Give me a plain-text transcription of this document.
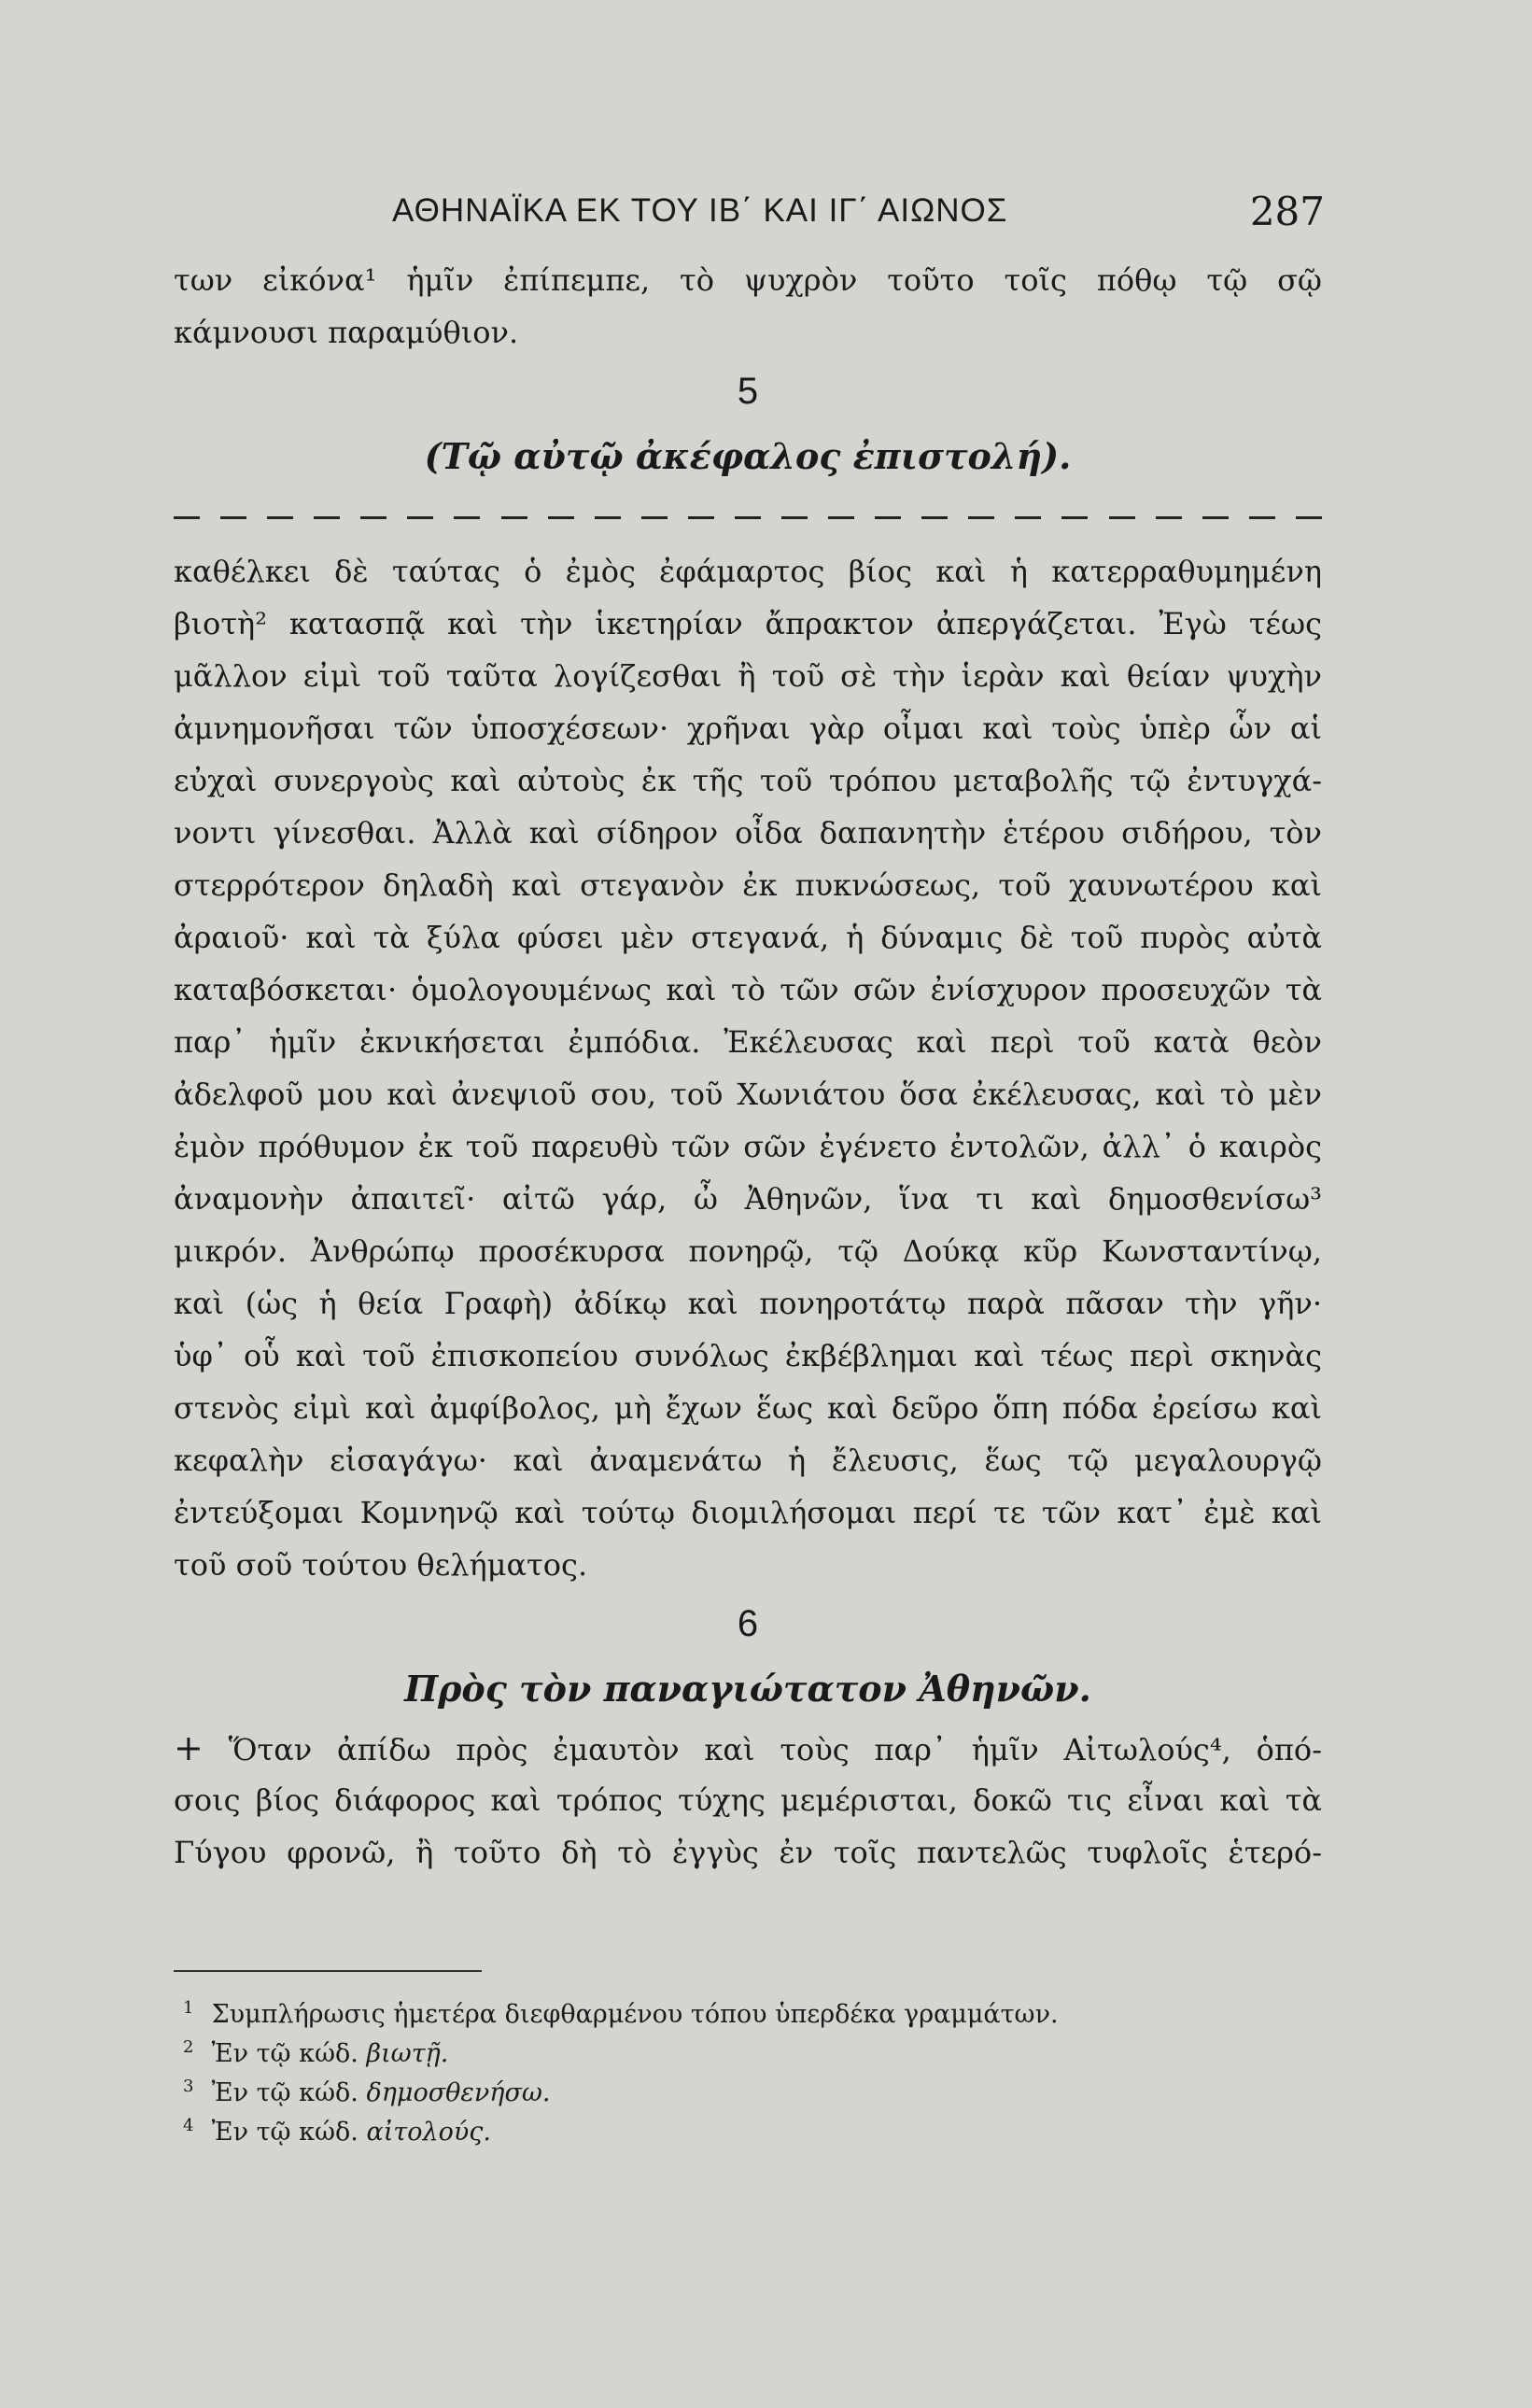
ΑΘΗΝΑΪΚΑ ΕΚ ΤΟΥ ΙΒ΄ ΚΑΙ ΙΓ΄ ΑΙΩΝΟΣ	287
των εἰκόνα¹ ἡμῖν ἐπίπεμπε, τὸ ψυχρὸν τοῦτο τοῖς πόθῳ τῷ σῷ
κάμνουσι παραμύθιον.
5
(Τῷ αὐτῷ ἀκέφαλος ἐπιστολή).
καθέλκει δὲ ταύτας ὁ ἐμὸς ἐφάμαρτος βίος καὶ ἡ κατερραθυμημένη
βιοτὴ² κατασπᾷ καὶ τὴν ἱκετηρίαν ἄπρακτον ἀπεργάζεται. Ἐγὼ τέως
μᾶλλον εἰμὶ τοῦ ταῦτα λογίζεσθαι ἢ τοῦ σὲ τὴν ἱερὰν καὶ θείαν ψυχὴν
ἀμνημονῆσαι τῶν ὑποσχέσεων· χρῆναι γὰρ οἶμαι καὶ τοὺς ὑπὲρ ὧν αἱ
εὐχαὶ συνεργοὺς καὶ αὐτοὺς ἐκ τῆς τοῦ τρόπου μεταβολῆς τῷ ἐντυγχά-
νοντι γίνεσθαι. Ἀλλὰ καὶ σίδηρον οἶδα δαπανητὴν ἑτέρου σιδήρου, τὸν
στερρότερον δηλαδὴ καὶ στεγανὸν ἐκ πυκνώσεως, τοῦ χαυνωτέρου καὶ
ἀραιοῦ· καὶ τὰ ξύλα φύσει μὲν στεγανά, ἡ δύναμις δὲ τοῦ πυρὸς αὐτὰ
καταβόσκεται· ὁμολογουμένως καὶ τὸ τῶν σῶν ἐνίσχυρον προσευχῶν τὰ
παρ᾽ ἡμῖν ἐκνικήσεται ἐμπόδια. Ἐκέλευσας καὶ περὶ τοῦ κατὰ θεὸν
ἀδελφοῦ μου καὶ ἀνεψιοῦ σου, τοῦ Χωνιάτου ὅσα ἐκέλευσας, καὶ τὸ μὲν
ἐμὸν πρόθυμον ἐκ τοῦ παρευθὺ τῶν σῶν ἐγένετο ἐντολῶν, ἀλλ᾽ ὁ καιρὸς
ἀναμονὴν ἀπαιτεῖ· αἰτῶ γάρ, ὦ Ἀθηνῶν, ἵνα τι καὶ δημοσθενίσω³
μικρόν. Ἀνθρώπῳ προσέκυρσα πονηρῷ, τῷ Δούκᾳ κῦρ Κωνσταντίνῳ,
καὶ (ὡς ἡ θεία Γραφὴ) ἀδίκῳ καὶ πονηροτάτῳ παρὰ πᾶσαν τὴν γῆν·
ὑφ᾽ οὗ καὶ τοῦ ἐπισκοπείου συνόλως ἐκβέβλημαι καὶ τέως περὶ σκηνὰς
στενὸς εἰμὶ καὶ ἀμφίβολος, μὴ ἔχων ἕως καὶ δεῦρο ὅπη πόδα ἐρείσω καὶ
κεφαλὴν εἰσαγάγω· καὶ ἀναμενάτω ἡ ἔλευσις, ἕως τῷ μεγαλουργῷ
ἐντεύξομαι Κομνηνῷ καὶ τούτῳ διομιλήσομαι περί τε τῶν κατ᾽ ἐμὲ καὶ
τοῦ σοῦ τούτου θελήματος.
6
Πρὸς τὸν παναγιώτατον Ἀθηνῶν.
+ Ὅταν ἀπίδω πρὸς ἐμαυτὸν καὶ τοὺς παρ᾽ ἡμῖν Αἰτωλούς⁴, ὁπό-
σοις βίος διάφορος καὶ τρόπος τύχης μεμέρισται, δοκῶ τις εἶναι καὶ τὰ
Γύγου φρονῶ, ἢ τοῦτο δὴ τὸ ἐγγὺς ἐν τοῖς παντελῶς τυφλοῖς ἑτερό-
1 Συμπλήρωσις ἡμετέρα διεφθαρμένου τόπου ὑπερδέκα γραμμάτων.
2 Ἐν τῷ κώδ. βιωτῇ.
3 Ἐν τῷ κώδ. δημοσθενήσω.
4 Ἐν τῷ κώδ. αἰτολούς.
